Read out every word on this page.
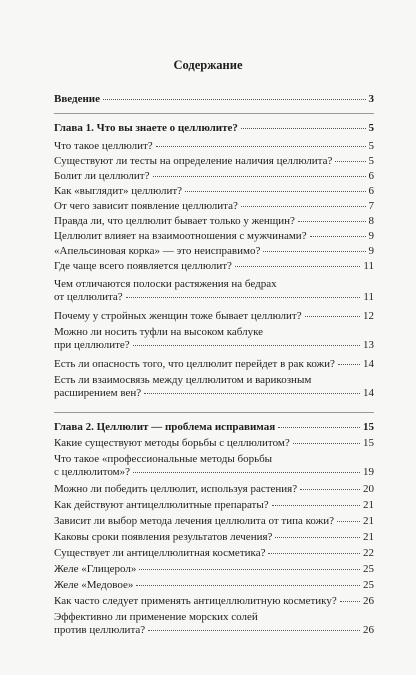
Содержание
Введение	3
Глава 1. Что вы знаете о целлюлите?	5
Что такое целлюлит?	5
Существуют ли тесты на определение наличия целлюлита?	5
Болит ли целлюлит?	6
Как «выглядит» целлюлит?	6
От чего зависит появление целлюлита?	7
Правда ли, что целлюлит бывает только у женщин?	8
Целлюлит влияет на взаимоотношения с мужчинами?	9
«Апельсиновая корка» — это неисправимо?	9
Где чаще всего появляется целлюлит?	11
Чем отличаются полоски растяжения на бедрах
от целлюлита?	11
Почему у стройных женщин тоже бывает целлюлит?	12
Можно ли носить туфли на высоком каблуке
при целлюлите?	13
Есть ли опасность того, что целлюлит перейдет в рак кожи?	14
Есть ли взаимосвязь между целлюлитом и варикозным
расширением вен?	14
Глава 2. Целлюлит — проблема исправимая	15
Какие существуют методы борьбы с целлюлитом?	15
Что такое «профессиональные методы борьбы
с целлюлитом»?	19
Можно ли победить целлюлит, используя растения?	20
Как действуют антицеллюлитные препараты?	21
Зависит ли выбор метода лечения целлюлита от типа кожи?	21
Каковы сроки появления результатов лечения?	21
Существует ли антицеллюлитная косметика?	22
Желе «Глицерол»	25
Желе «Медовое»	25
Как часто следует применять антицеллюлитную косметику? 26
Эффективно ли применение морских солей
против целлюлита?	26
